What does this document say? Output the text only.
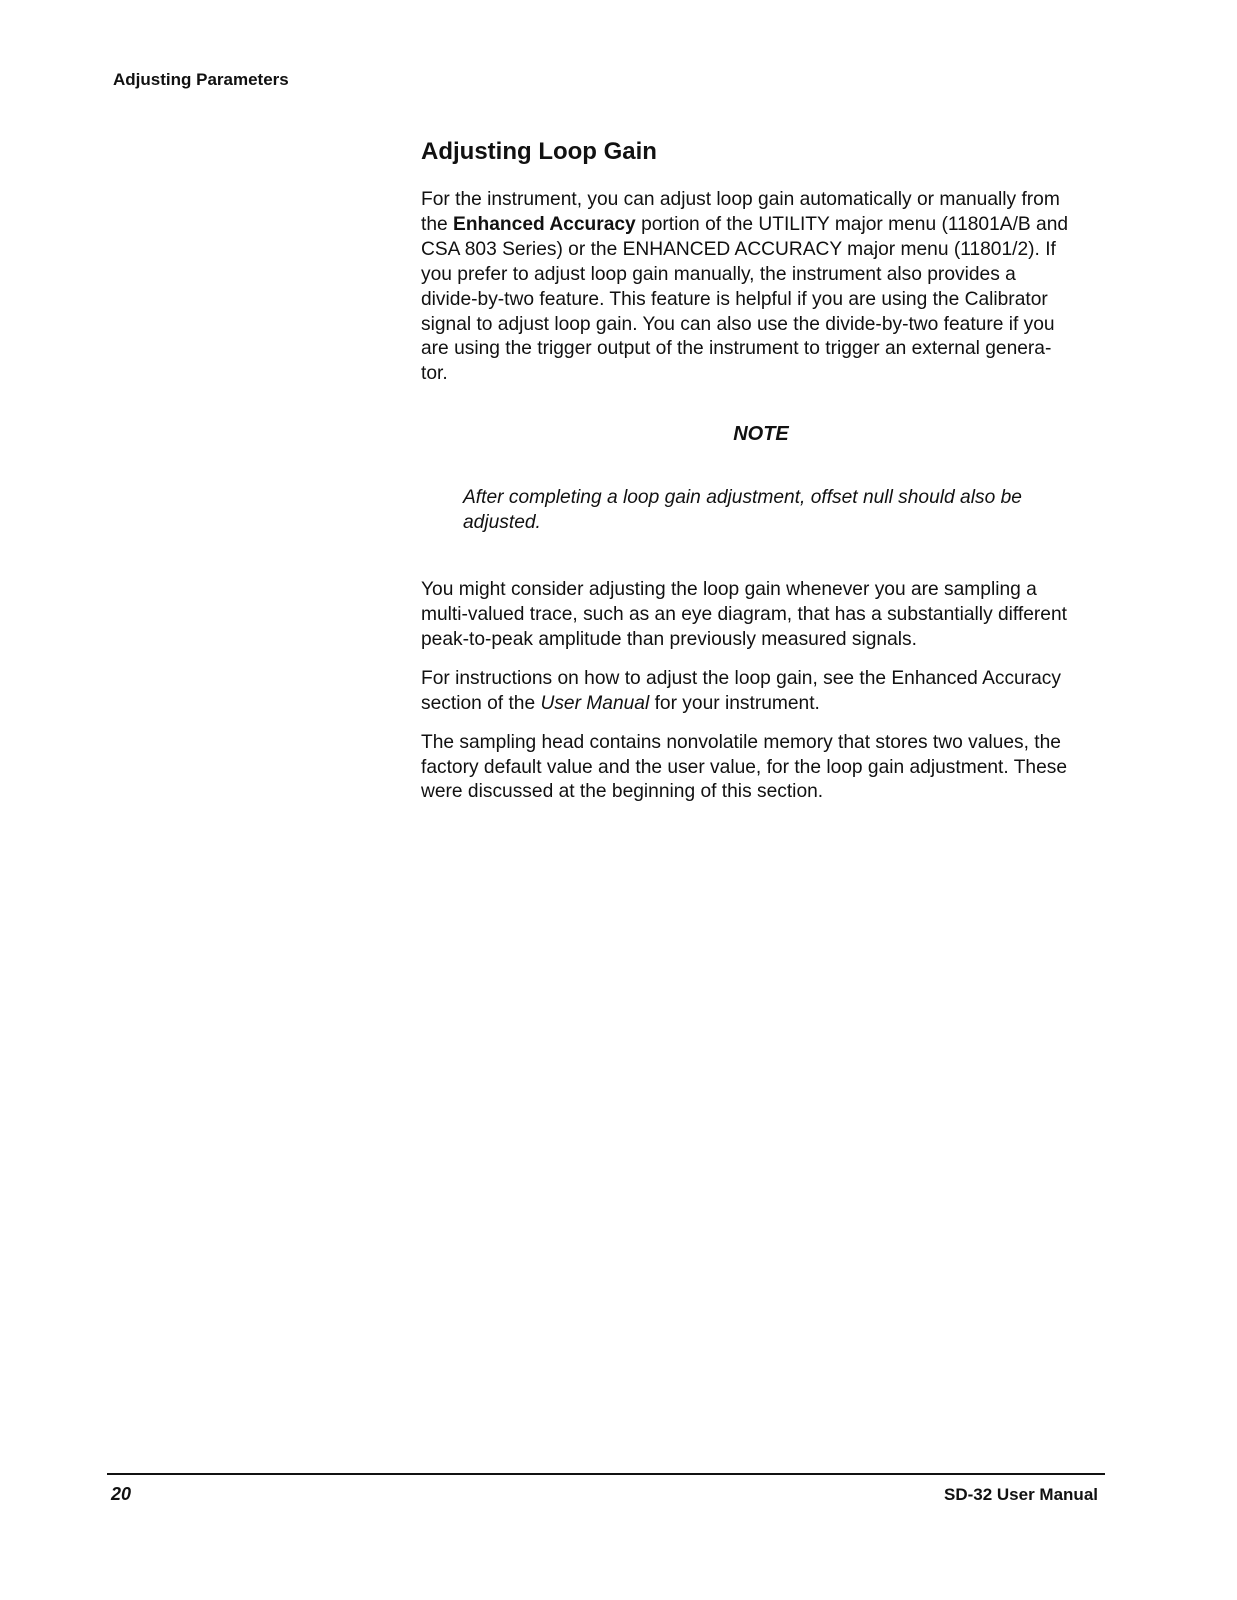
Adjusting Parameters
Adjusting Loop Gain

For the instrument, you can adjust loop gain automatically or manually from
the Enhanced Accuracy portion of the UTILITY major menu (11801A/B and
CSA 803 Series) or the ENHANCED ACCURACY major menu (11801/2). If
you prefer to adjust loop gain manually, the instrument also provides a
divide-by-two feature. This feature is helpful if you are using the Calibrator
signal to adjust loop gain. You can also use the divide-by-two feature if you
are using the trigger output of the instrument to trigger an external genera-
tor.

NOTE

After completing a loop gain adjustment, offset null should also be
adjusted.

You might consider adjusting the loop gain whenever you are sampling a
multi-valued trace, such as an eye diagram, that has a substantially different
peak-to-peak amplitude than previously measured signals.

For instructions on how to adjust the loop gain, see the Enhanced Accuracy
section of the User Manual for your instrument.

The sampling head contains nonvolatile memory that stores two values, the
factory default value and the user value, for the loop gain adjustment. These
were discussed at the beginning of this section.

20	SD-32 User Manual
